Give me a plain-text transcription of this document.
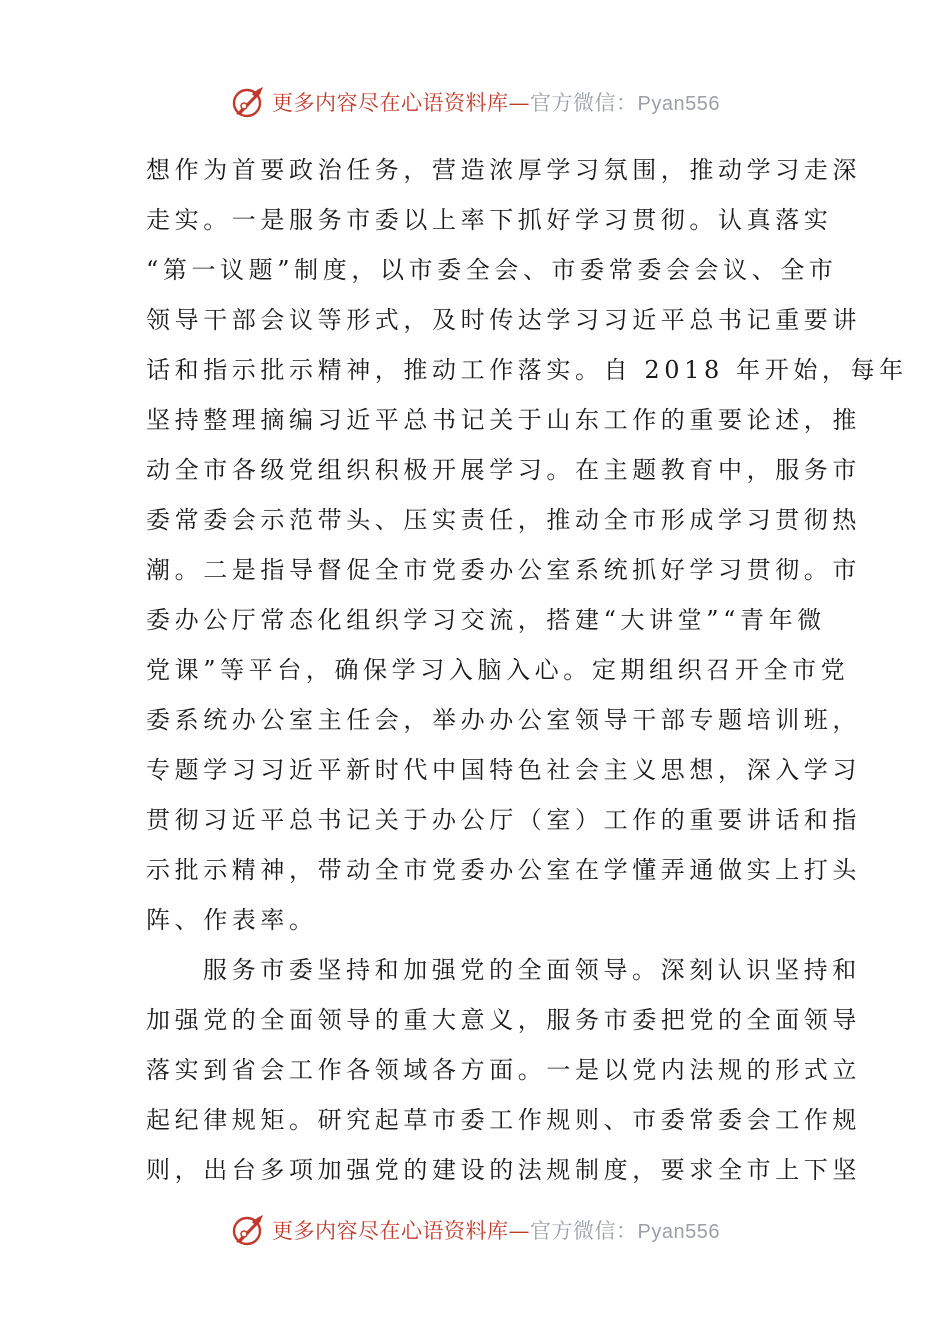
更多内容尽在心语资料库—官方微信：Pyan556

想作为首要政治任务，营造浓厚学习氛围，推动学习走深
走实。一是服务市委以上率下抓好学习贯彻。认真落实
“第一议题”制度，以市委全会、市委常委会会议、全市
领导干部会议等形式，及时传达学习习近平总书记重要讲
话和指示批示精神，推动工作落实。自 2018 年开始，每年
坚持整理摘编习近平总书记关于山东工作的重要论述，推
动全市各级党组织积极开展学习。在主题教育中，服务市
委常委会示范带头、压实责任，推动全市形成学习贯彻热
潮。二是指导督促全市党委办公室系统抓好学习贯彻。市
委办公厅常态化组织学习交流，搭建“大讲堂”“青年微
党课”等平台，确保学习入脑入心。定期组织召开全市党
委系统办公室主任会，举办办公室领导干部专题培训班，
专题学习习近平新时代中国特色社会主义思想，深入学习
贯彻习近平总书记关于办公厅（室）工作的重要讲话和指
示批示精神，带动全市党委办公室在学懂弄通做实上打头
阵、作表率。

服务市委坚持和加强党的全面领导。深刻认识坚持和
加强党的全面领导的重大意义，服务市委把党的全面领导
落实到省会工作各领域各方面。一是以党内法规的形式立
起纪律规矩。研究起草市委工作规则、市委常委会工作规
则，出台多项加强党的建设的法规制度，要求全市上下坚

更多内容尽在心语资料库—官方微信：Pyan556
